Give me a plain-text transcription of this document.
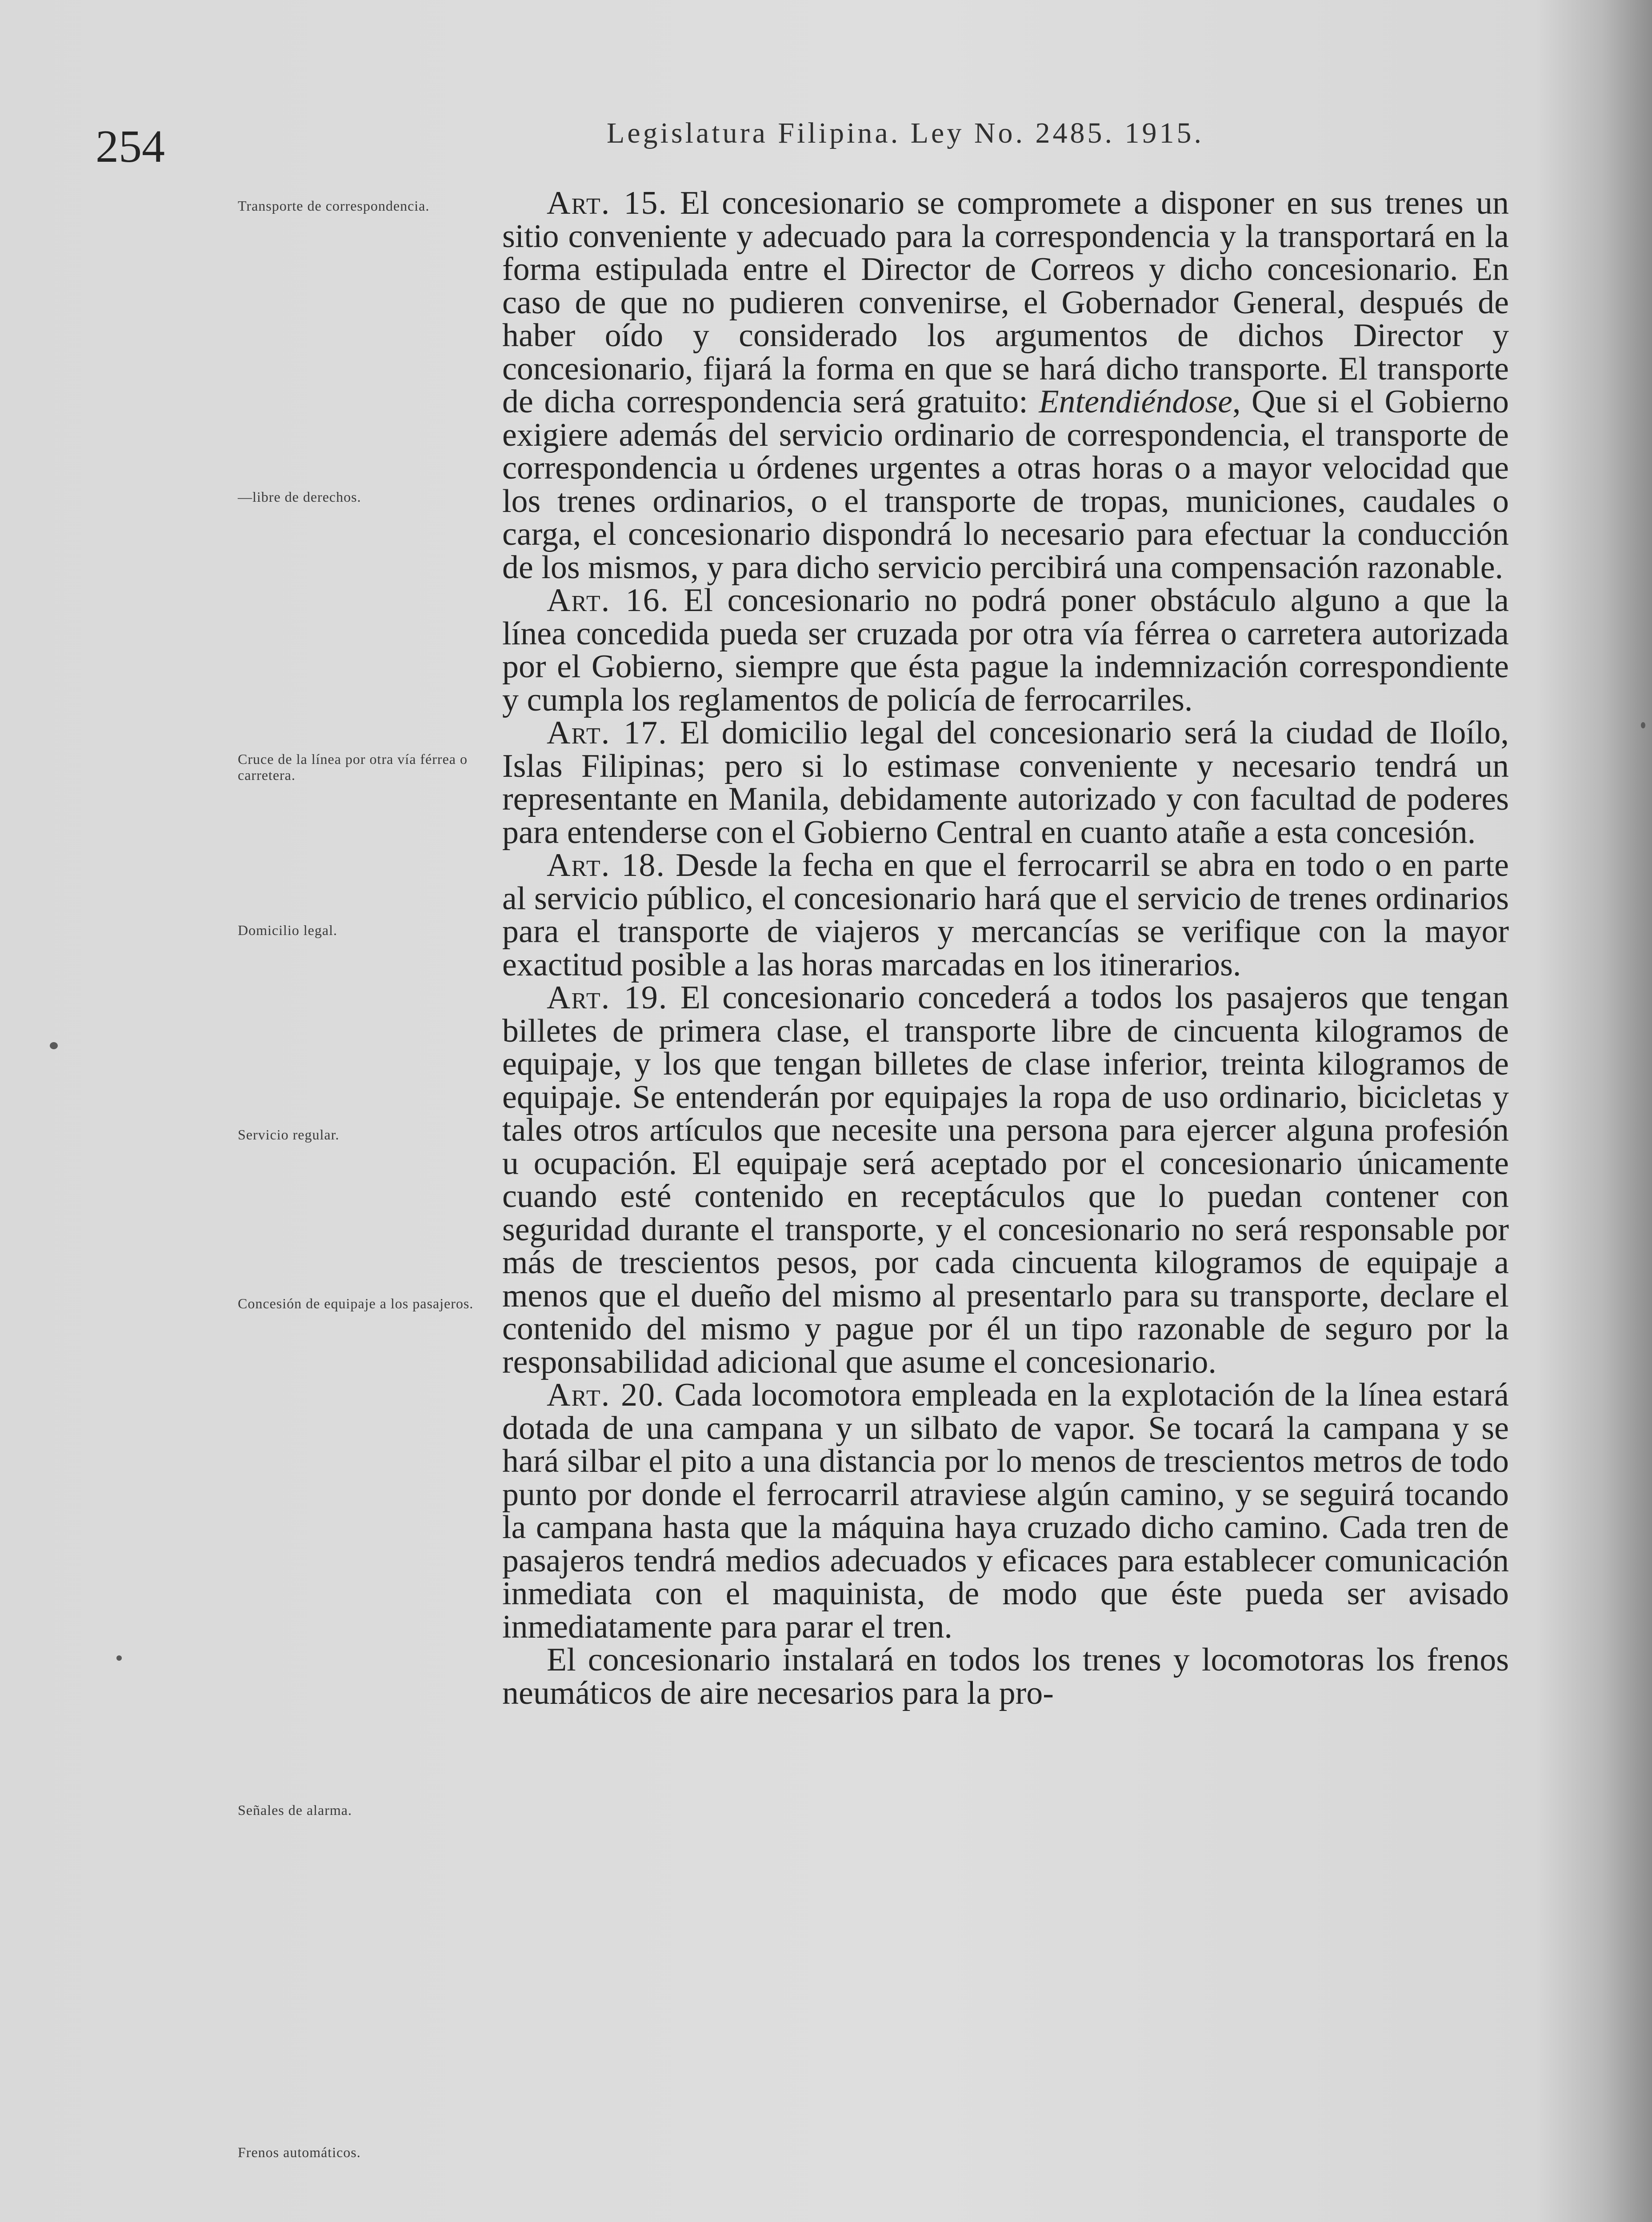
254	Legislatura Filipina. Ley No. 2485. 1915.
Transporte de correspondencia.
—libre de derechos.
Cruce de la línea por otra vía férrea o carretera.
Domicilio legal.
Servicio regular.
Concesión de equipaje a los pasajeros.
Señales de alarma.
Frenos automáticos.

Art. 15. El concesionario se compromete a disponer en sus trenes un sitio conveniente y adecuado para la correspondencia y la transportará en la forma estipulada entre el Director de Correos y dicho concesionario. En caso de que no pudieren convenirse, el Gobernador General, después de haber oído y considerado los argumentos de dichos Director y concesionario, fijará la forma en que se hará dicho transporte. El transporte de dicha correspondencia será gratuito: Entendiéndose, Que si el Gobierno exigiere además del servicio ordinario de correspondencia, el transporte de correspondencia u órdenes urgentes a otras horas o a mayor velocidad que los trenes ordinarios, o el transporte de tropas, municiones, caudales o carga, el concesionario dispondrá lo necesario para efectuar la conducción de los mismos, y para dicho servicio percibirá una compensación razonable.

Art. 16. El concesionario no podrá poner obstáculo alguno a que la línea concedida pueda ser cruzada por otra vía férrea o carretera autorizada por el Gobierno, siempre que ésta pague la indemnización correspondiente y cumpla los reglamentos de policía de ferrocarriles.

Art. 17. El domicilio legal del concesionario será la ciudad de Iloílo, Islas Filipinas; pero si lo estimase conveniente y necesario tendrá un representante en Manila, debidamente autorizado y con facultad de poderes para entenderse con el Gobierno Central en cuanto atañe a esta concesión.

Art. 18. Desde la fecha en que el ferrocarril se abra en todo o en parte al servicio público, el concesionario hará que el servicio de trenes ordinarios para el transporte de viajeros y mercancías se verifique con la mayor exactitud posible a las horas marcadas en los itinerarios.

Art. 19. El concesionario concederá a todos los pasajeros que tengan billetes de primera clase, el transporte libre de cincuenta kilogramos de equipaje, y los que tengan billetes de clase inferior, treinta kilogramos de equipaje. Se entenderán por equipajes la ropa de uso ordinario, bicicletas y tales otros artículos que necesite una persona para ejercer alguna profesión u ocupación. El equipaje será aceptado por el concesionario únicamente cuando esté contenido en receptáculos que lo puedan contener con seguridad durante el transporte, y el concesionario no será responsable por más de trescientos pesos, por cada cincuenta kilogramos de equipaje a menos que el dueño del mismo al presentarlo para su transporte, declare el contenido del mismo y pague por él un tipo razonable de seguro por la responsabilidad adicional que asume el concesionario.

Art. 20. Cada locomotora empleada en la explotación de la línea estará dotada de una campana y un silbato de vapor. Se tocará la campana y se hará silbar el pito a una distancia por lo menos de trescientos metros de todo punto por donde el ferrocarril atraviese algún camino, y se seguirá tocando la campana hasta que la máquina haya cruzado dicho camino. Cada tren de pasajeros tendrá medios adecuados y eficaces para establecer comunicación inmediata con el maquinista, de modo que éste pueda ser avisado inmediatamente para parar el tren.

El concesionario instalará en todos los trenes y locomotoras los frenos neumáticos de aire necesarios para la pro-
